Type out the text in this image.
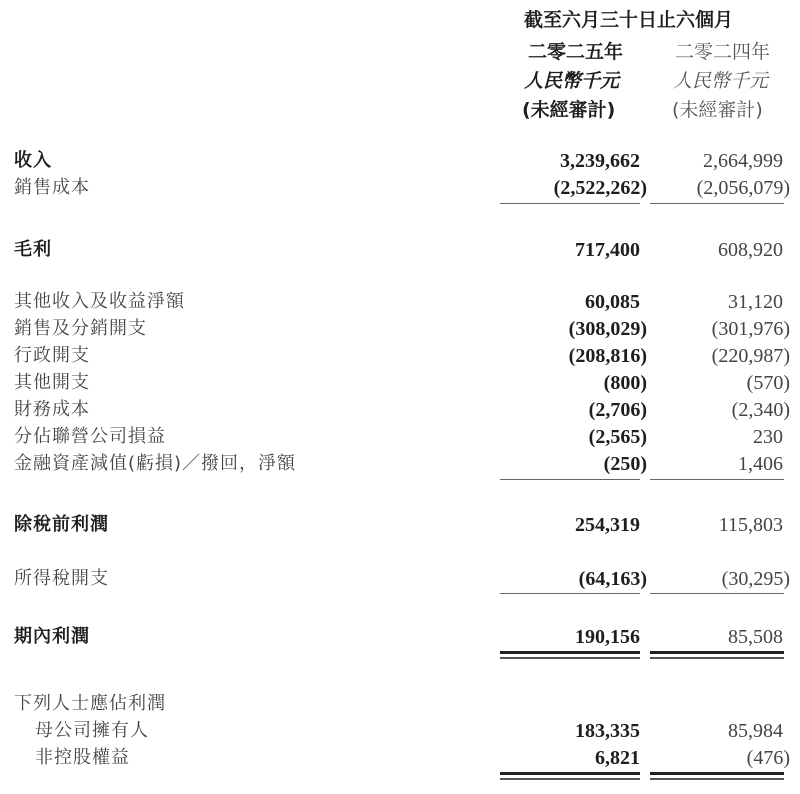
截至六月三十日止六個月
二零二五年	二零二四年
人民幣千元	人民幣千元
(未經審計)	(未經審計)
收入	3,239,662	2,664,999
銷售成本	(2,522,262) (2,056,079)
毛利	717,400	608,920
其他收入及收益淨額	60,085	31,120
銷售及分銷開支	(308,029)	(301,976)
行政開支	(208,816)	(220,987)
其他開支	(800)	(570)
財務成本	(2,706)	(2,340)
分佔聯營公司損益	(2,565)	230
金融資產減值(虧損)／撥回，淨額	(250)	1,406
除稅前利潤	254,319	115,803
所得稅開支	(64,163)	(30,295)
期內利潤	190,156	85,508
下列人士應佔利潤
母公司擁有人	183,335	85,984
非控股權益	6,821	(476)
